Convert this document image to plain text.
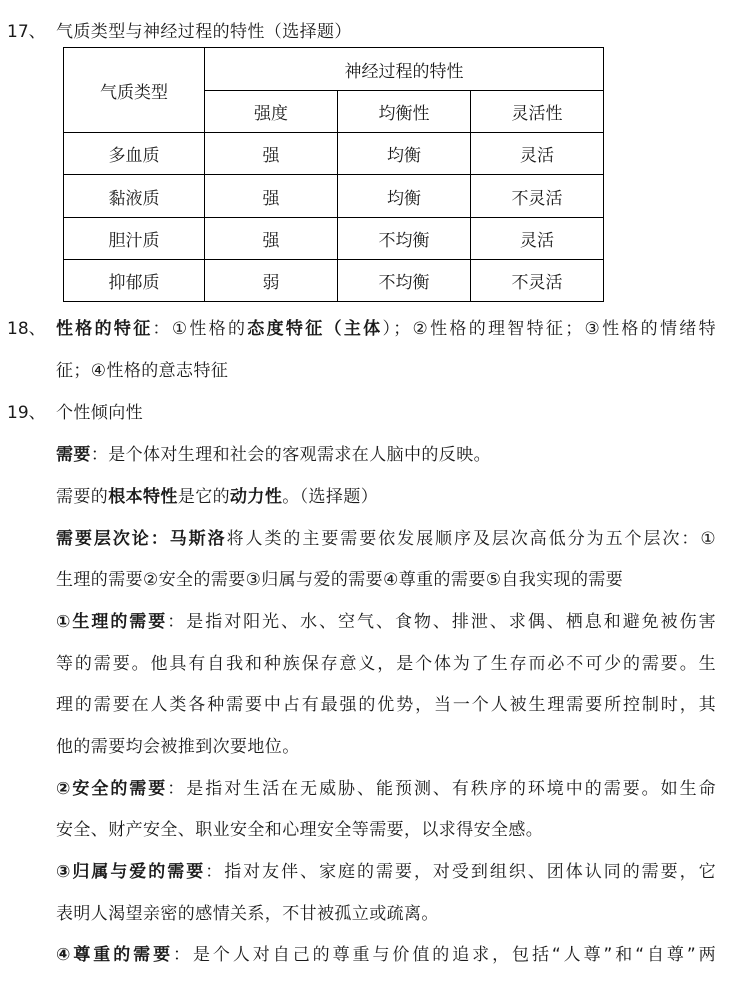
17、 气质类型与神经过程的特性（选择题）
气质类型	神经过程的特性		
	强度	均衡性	灵活性
多血质	强	均衡	灵活
黏液质	强	均衡	不灵活
胆汁质	强	不均衡	灵活
抑郁质	弱	不均衡	不灵活
18、 性格的特征：①性格的态度特征（主体）；②性格的理智特征；③性格的情绪特
征；④性格的意志特征
19、 个性倾向性
需要：是个体对生理和社会的客观需求在人脑中的反映。
需要的根本特性是它的动力性。（选择题）
需要层次论：马斯洛将人类的主要需要依发展顺序及层次高低分为五个层次：①
生理的需要②安全的需要③归属与爱的需要④尊重的需要⑤自我实现的需要
①生理的需要：是指对阳光、水、空气、食物、排泄、求偶、栖息和避免被伤害
等的需要。他具有自我和种族保存意义，是个体为了生存而必不可少的需要。生
理的需要在人类各种需要中占有最强的优势，当一个人被生理需要所控制时，其
他的需要均会被推到次要地位。
②安全的需要：是指对生活在无威胁、能预测、有秩序的环境中的需要。如生命
安全、财产安全、职业安全和心理安全等需要，以求得安全感。
③归属与爱的需要：指对友伴、家庭的需要，对受到组织、团体认同的需要，它
表明人渴望亲密的感情关系，不甘被孤立或疏离。
④尊重的需要：是个人对自己的尊重与价值的追求，包括“人尊”和“自尊”两
